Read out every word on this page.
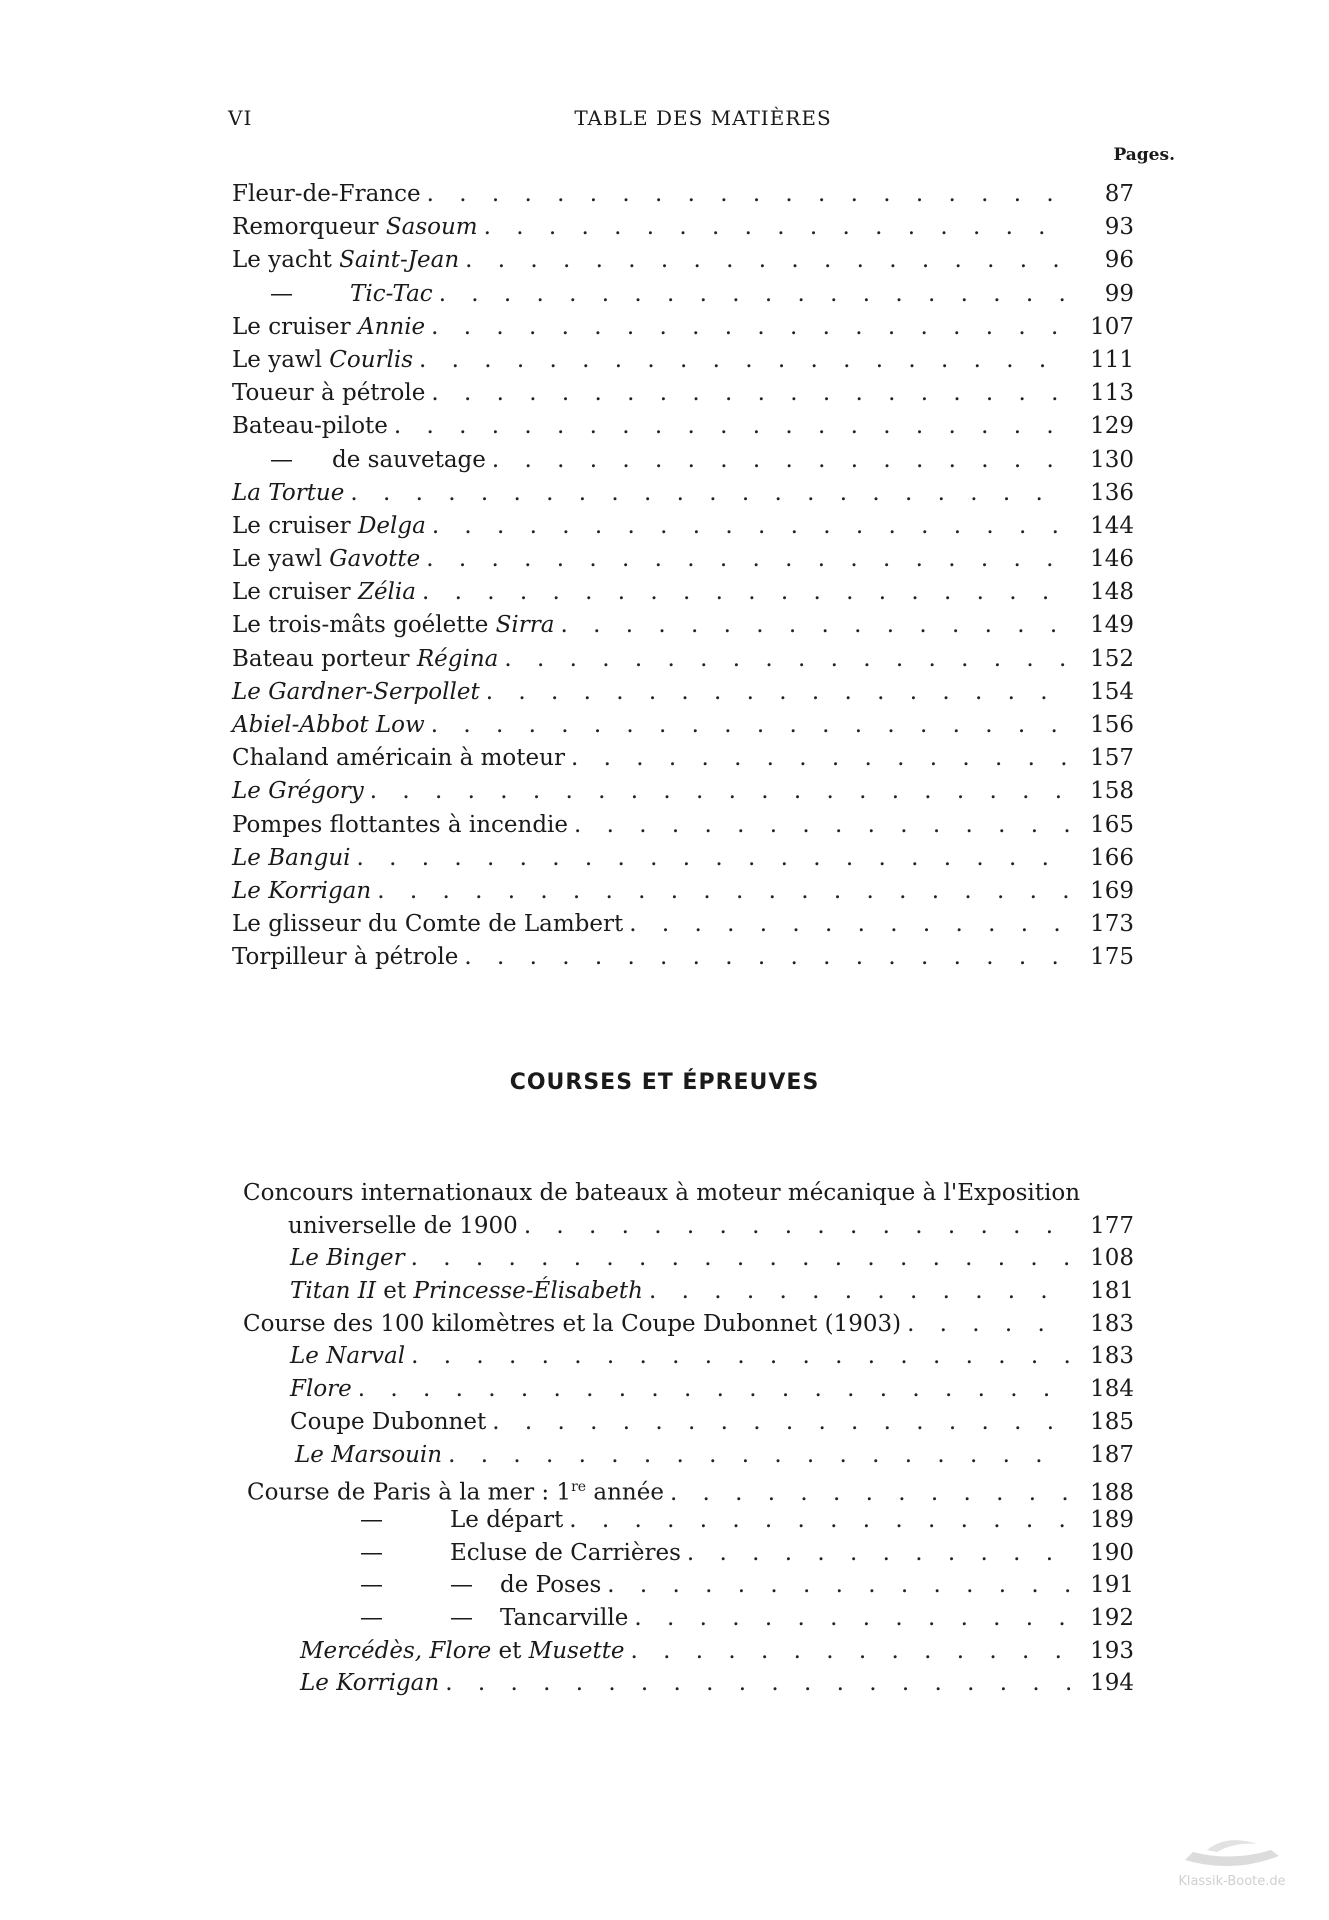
VI	TABLE DES MATIÈRES
Pages.
Fleur-de-France . . .	87
Remorqueur Sasoum . . .	93
Le yacht Saint-Jean . . .	96
— Tic-Tac . . .	99
Le cruiser Annie . . .	107
Le yawl Courlis . . .	111
Toueur à pétrole . . .	113
Bateau-pilote . . .	129
— de sauvetage . . .	130
La Tortue . . .	136
Le cruiser Delga . . .	144
Le yawl Gavotte . . .	146
Le cruiser Zélia . . .	148
Le trois-mâts goélette Sirra . . .	149
Bateau porteur Régina . . .	152
Le Gardner-Serpollet . . .	154
Abiel-Abbot Low . . .	156
Chaland américain à moteur . . .	157
Le Grégory . . .	158
Pompes flottantes à incendie . . .	165
Le Bangui . . .	166
Le Korrigan . . .	169
Le glisseur du Comte de Lambert . . .	173
Torpilleur à pétrole . . .	175
COURSES ET ÉPREUVES
Concours internationaux de bateaux à moteur mécanique à l'Exposition
universelle de 1900 . . .	177
Le Binger . . .	108
Titan II et Princesse-Élisabeth . . .	181
Course des 100 kilomètres et la Coupe Dubonnet (1903) . . .	183
Le Narval . . .	183
Flore . . .	184
Coupe Dubonnet . . .	185
Le Marsouin . . .	187
Course de Paris à la mer : 1re année . . .	188
—	Le départ . . .	189
—	Ecluse de Carrières . . .	190
—	— de Poses . . .	191
—	— Tancarville . . .	192
Mercédès, Flore et Musette . . .	193
Le Korrigan . . .	194
Klassik-Boote.de
